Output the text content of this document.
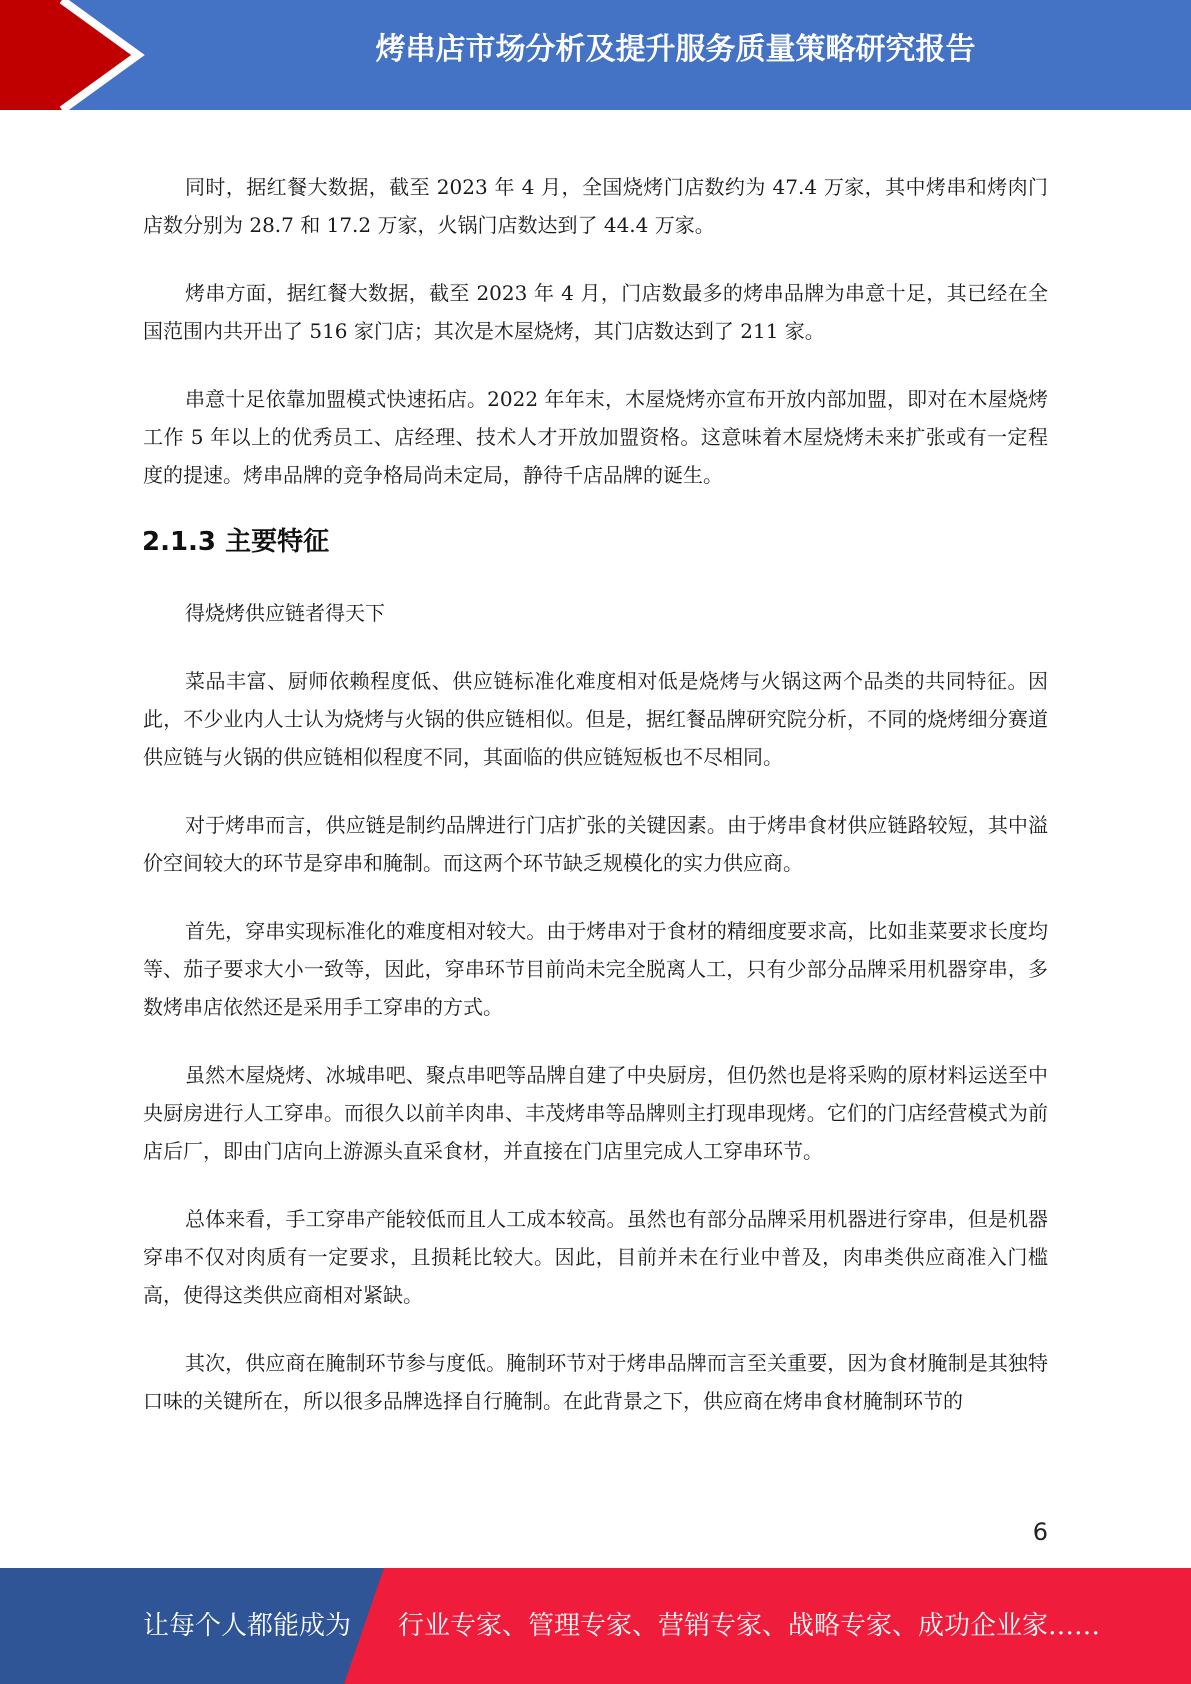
烤串店市场分析及提升服务质量策略研究报告

同时，据红餐大数据，截至 2023 年 4 月，全国烧烤门店数约为 47.4 万家，其中烤串和烤肉门店数分别为 28.7 和 17.2 万家，火锅门店数达到了 44.4 万家。

烤串方面，据红餐大数据，截至 2023 年 4 月，门店数最多的烤串品牌为串意十足，其已经在全国范围内共开出了 516 家门店；其次是木屋烧烤，其门店数达到了 211 家。

串意十足依靠加盟模式快速拓店。2022 年年末，木屋烧烤亦宣布开放内部加盟，即对在木屋烧烤工作 5 年以上的优秀员工、店经理、技术人才开放加盟资格。这意味着木屋烧烤未来扩张或有一定程度的提速。烤串品牌的竞争格局尚未定局，静待千店品牌的诞生。

2.1.3 主要特征

得烧烤供应链者得天下

菜品丰富、厨师依赖程度低、供应链标准化难度相对低是烧烤与火锅这两个品类的共同特征。因此，不少业内人士认为烧烤与火锅的供应链相似。但是，据红餐品牌研究院分析，不同的烧烤细分赛道供应链与火锅的供应链相似程度不同，其面临的供应链短板也不尽相同。

对于烤串而言，供应链是制约品牌进行门店扩张的关键因素。由于烤串食材供应链路较短，其中溢价空间较大的环节是穿串和腌制。而这两个环节缺乏规模化的实力供应商。

首先，穿串实现标准化的难度相对较大。由于烤串对于食材的精细度要求高，比如韭菜要求长度均等、茄子要求大小一致等，因此，穿串环节目前尚未完全脱离人工，只有少部分品牌采用机器穿串，多数烤串店依然还是采用手工穿串的方式。

虽然木屋烧烤、冰城串吧、聚点串吧等品牌自建了中央厨房，但仍然也是将采购的原材料运送至中央厨房进行人工穿串。而很久以前羊肉串、丰茂烤串等品牌则主打现串现烤。它们的门店经营模式为前店后厂，即由门店向上游源头直采食材，并直接在门店里完成人工穿串环节。

总体来看，手工穿串产能较低而且人工成本较高。虽然也有部分品牌采用机器进行穿串，但是机器穿串不仅对肉质有一定要求，且损耗比较大。因此，目前并未在行业中普及，肉串类供应商准入门槛高，使得这类供应商相对紧缺。

其次，供应商在腌制环节参与度低。腌制环节对于烤串品牌而言至关重要，因为食材腌制是其独特口味的关键所在，所以很多品牌选择自行腌制。在此背景之下，供应商在烤串食材腌制环节的

6
让每个人都能成为 行业专家、管理专家、营销专家、战略专家、成功企业家……
